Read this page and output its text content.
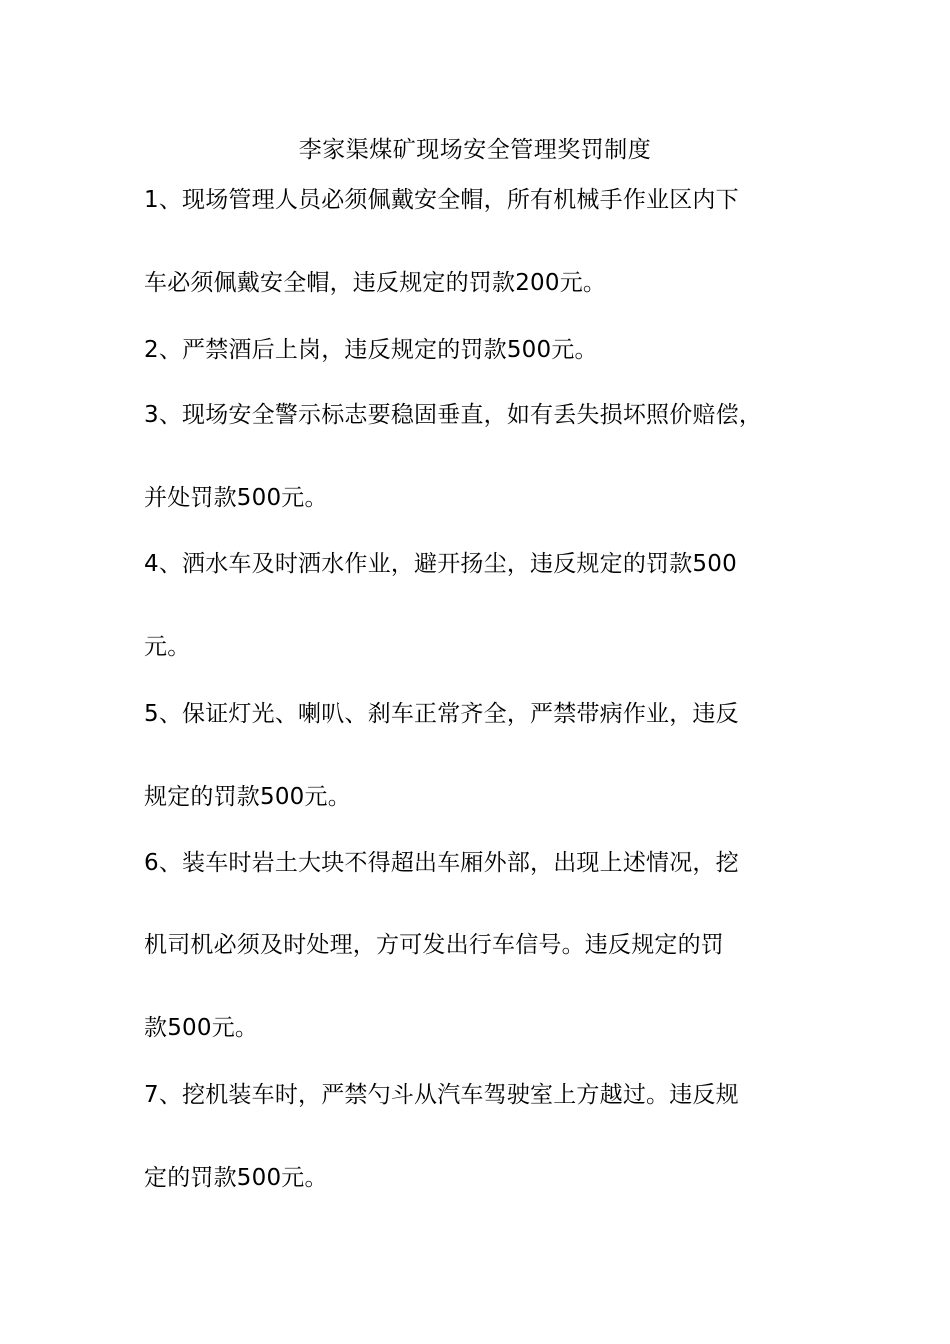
李家渠煤矿现场安全管理奖罚制度
1、现场管理人员必须佩戴安全帽，所有机械手作业区内下
车必须佩戴安全帽，违反规定的罚款200元。
2、严禁酒后上岗，违反规定的罚款500元。
3、现场安全警示标志要稳固垂直，如有丢失损坏照价赔偿，
并处罚款500元。
4、洒水车及时洒水作业，避开扬尘，违反规定的罚款500
元。
5、保证灯光、喇叭、刹车正常齐全，严禁带病作业，违反
规定的罚款500元。
6、装车时岩土大块不得超出车厢外部，出现上述情况，挖
机司机必须及时处理，方可发出行车信号。违反规定的罚
款500元。
7、挖机装车时，严禁勺斗从汽车驾驶室上方越过。违反规
定的罚款500元。
